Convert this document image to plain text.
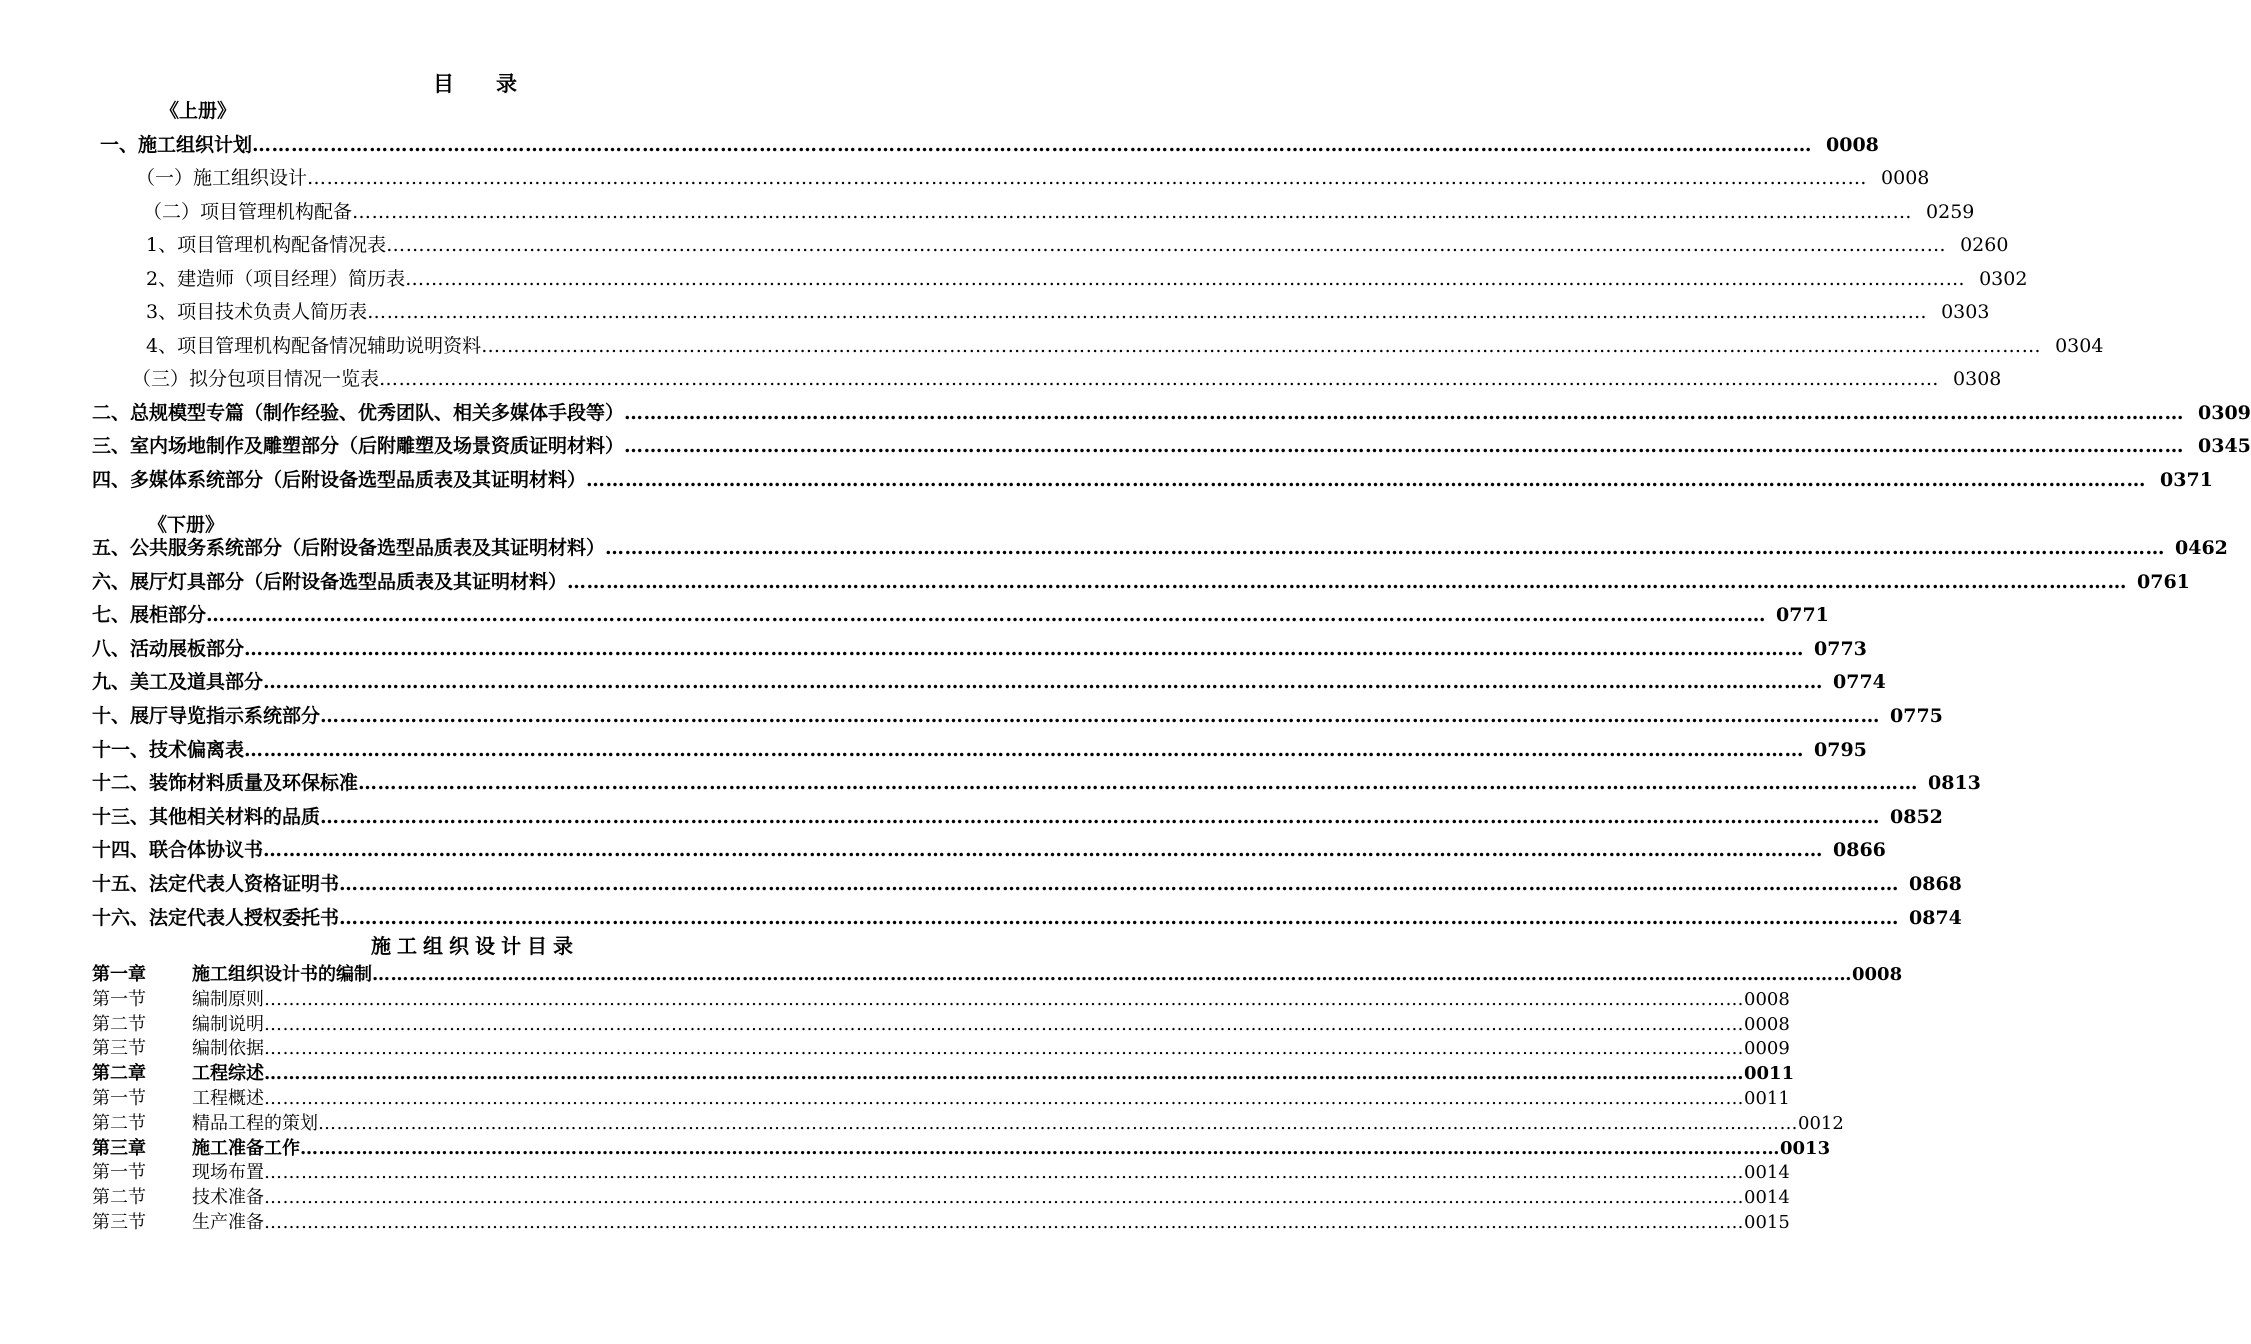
目　　录
《上册》
一、施工组织计划 …………………………………………………………………………………………………………………………………………………………………………………………………………………… 0008
（一）施工组织设计 …………………………………………………………………………………………………………………………………………………………………………………………………………………… 0008
（二）项目管理机构配备 …………………………………………………………………………………………………………………………………………………………………………………………………………………… 0259
1、项目管理机构配备情况表 …………………………………………………………………………………………………………………………………………………………………………………………………………………… 0260
2、建造师（项目经理）简历表 …………………………………………………………………………………………………………………………………………………………………………………………………………………… 0302
3、项目技术负责人简历表 …………………………………………………………………………………………………………………………………………………………………………………………………………………… 0303
4、项目管理机构配备情况辅助说明资料 …………………………………………………………………………………………………………………………………………………………………………………………………………………… 0304
（三）拟分包项目情况一览表 …………………………………………………………………………………………………………………………………………………………………………………………………………………… 0308
二、总规模型专篇（制作经验、优秀团队、相关多媒体手段等） …………………………………………………………………………………………………………………………………………………………………………………………………………………… 0309
三、室内场地制作及雕塑部分（后附雕塑及场景资质证明材料） …………………………………………………………………………………………………………………………………………………………………………………………………………………… 0345
四、多媒体系统部分（后附设备选型品质表及其证明材料） …………………………………………………………………………………………………………………………………………………………………………………………………………………… 0371
《下册》
五、公共服务系统部分（后附设备选型品质表及其证明材料） …………………………………………………………………………………………………………………………………………………………………………………………………………………… 0462
六、展厅灯具部分（后附设备选型品质表及其证明材料） …………………………………………………………………………………………………………………………………………………………………………………………………………………… 0761
七、展柜部分 …………………………………………………………………………………………………………………………………………………………………………………………………………………… 0771
八、活动展板部分 …………………………………………………………………………………………………………………………………………………………………………………………………………………… 0773
九、美工及道具部分 …………………………………………………………………………………………………………………………………………………………………………………………………………………… 0774
十、展厅导览指示系统部分 …………………………………………………………………………………………………………………………………………………………………………………………………………………… 0775
十一、技术偏离表 …………………………………………………………………………………………………………………………………………………………………………………………………………………… 0795
十二、装饰材料质量及环保标准 …………………………………………………………………………………………………………………………………………………………………………………………………………………… 0813
十三、其他相关材料的品质 …………………………………………………………………………………………………………………………………………………………………………………………………………………… 0852
十四、联合体协议书 …………………………………………………………………………………………………………………………………………………………………………………………………………………… 0866
十五、法定代表人资格证明书 …………………………………………………………………………………………………………………………………………………………………………………………………………………… 0868
十六、法定代表人授权委托书 …………………………………………………………………………………………………………………………………………………………………………………………………………………… 0874
施工组织设计目录
第一章	施工组织设计书的编制 …………………………………………………………………………………………………………………………………………………………………………………………………………………… 0008
第一节	编制原则 …………………………………………………………………………………………………………………………………………………………………………………………………………………… 0008
第二节	编制说明 …………………………………………………………………………………………………………………………………………………………………………………………………………………… 0008
第三节	编制依据 …………………………………………………………………………………………………………………………………………………………………………………………………………………… 0009
第二章	工程综述 …………………………………………………………………………………………………………………………………………………………………………………………………………………… 0011
第一节	工程概述 …………………………………………………………………………………………………………………………………………………………………………………………………………………… 0011
第二节	精品工程的策划 …………………………………………………………………………………………………………………………………………………………………………………………………………………… 0012
第三章	施工准备工作 …………………………………………………………………………………………………………………………………………………………………………………………………………………… 0013
第一节	现场布置 …………………………………………………………………………………………………………………………………………………………………………………………………………………… 0014
第二节	技术准备 …………………………………………………………………………………………………………………………………………………………………………………………………………………… 0014
第三节	生产准备 …………………………………………………………………………………………………………………………………………………………………………………………………………………… 0015
